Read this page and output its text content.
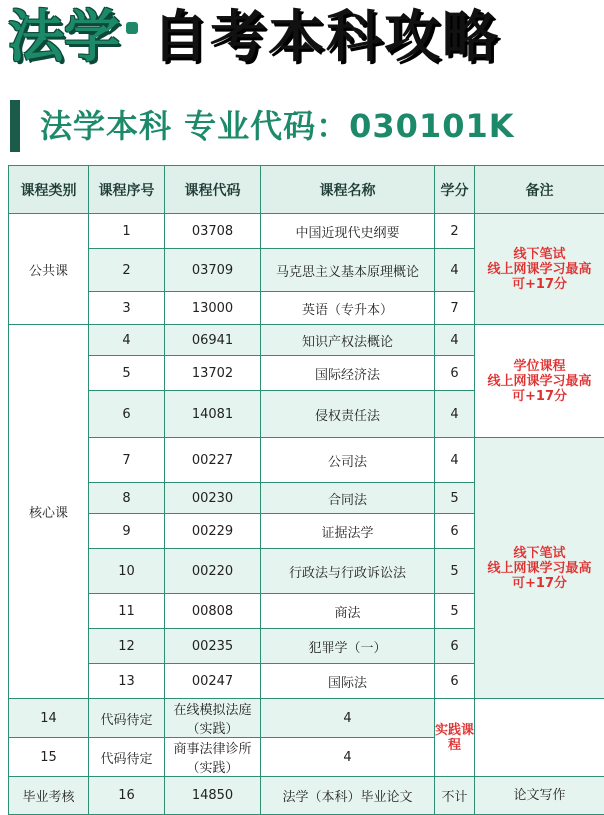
法学 自考本科攻略
法学本科 专业代码：030101K
课程类别	课程序号	课程代码	课程名称	学分	备注
公共课	1	03708	中国近现代史纲要	2	线下笔试
线上网课学习最高
可+17分

	2	03709	马克思主义基本原理概论	4	
	3	13000	英语（专升本）	7	
核心课	4	06941	知识产权法概论	4	学位课程
线上网课学习最高
可+17分

	5	13702	国际经济法	6	
	6	14081	侵权责任法	4	
	7	00227	公司法	4	线下笔试
线上网课学习最高
可+17分

	8	00230	合同法	5	
	9	00229	证据法学	6	
	10	00220	行政法与行政诉讼法	5	
	11	00808	商法	5	
	12	00235	犯罪学（一）	6	
	13	00247	国际法	6	
14	代码待定	在线模拟法庭（实践）	4	实践课程	

15	代码待定	商事法律诊所（实践）	4		
毕业考核	16	14850	法学（本科）毕业论文	不计	论文写作
